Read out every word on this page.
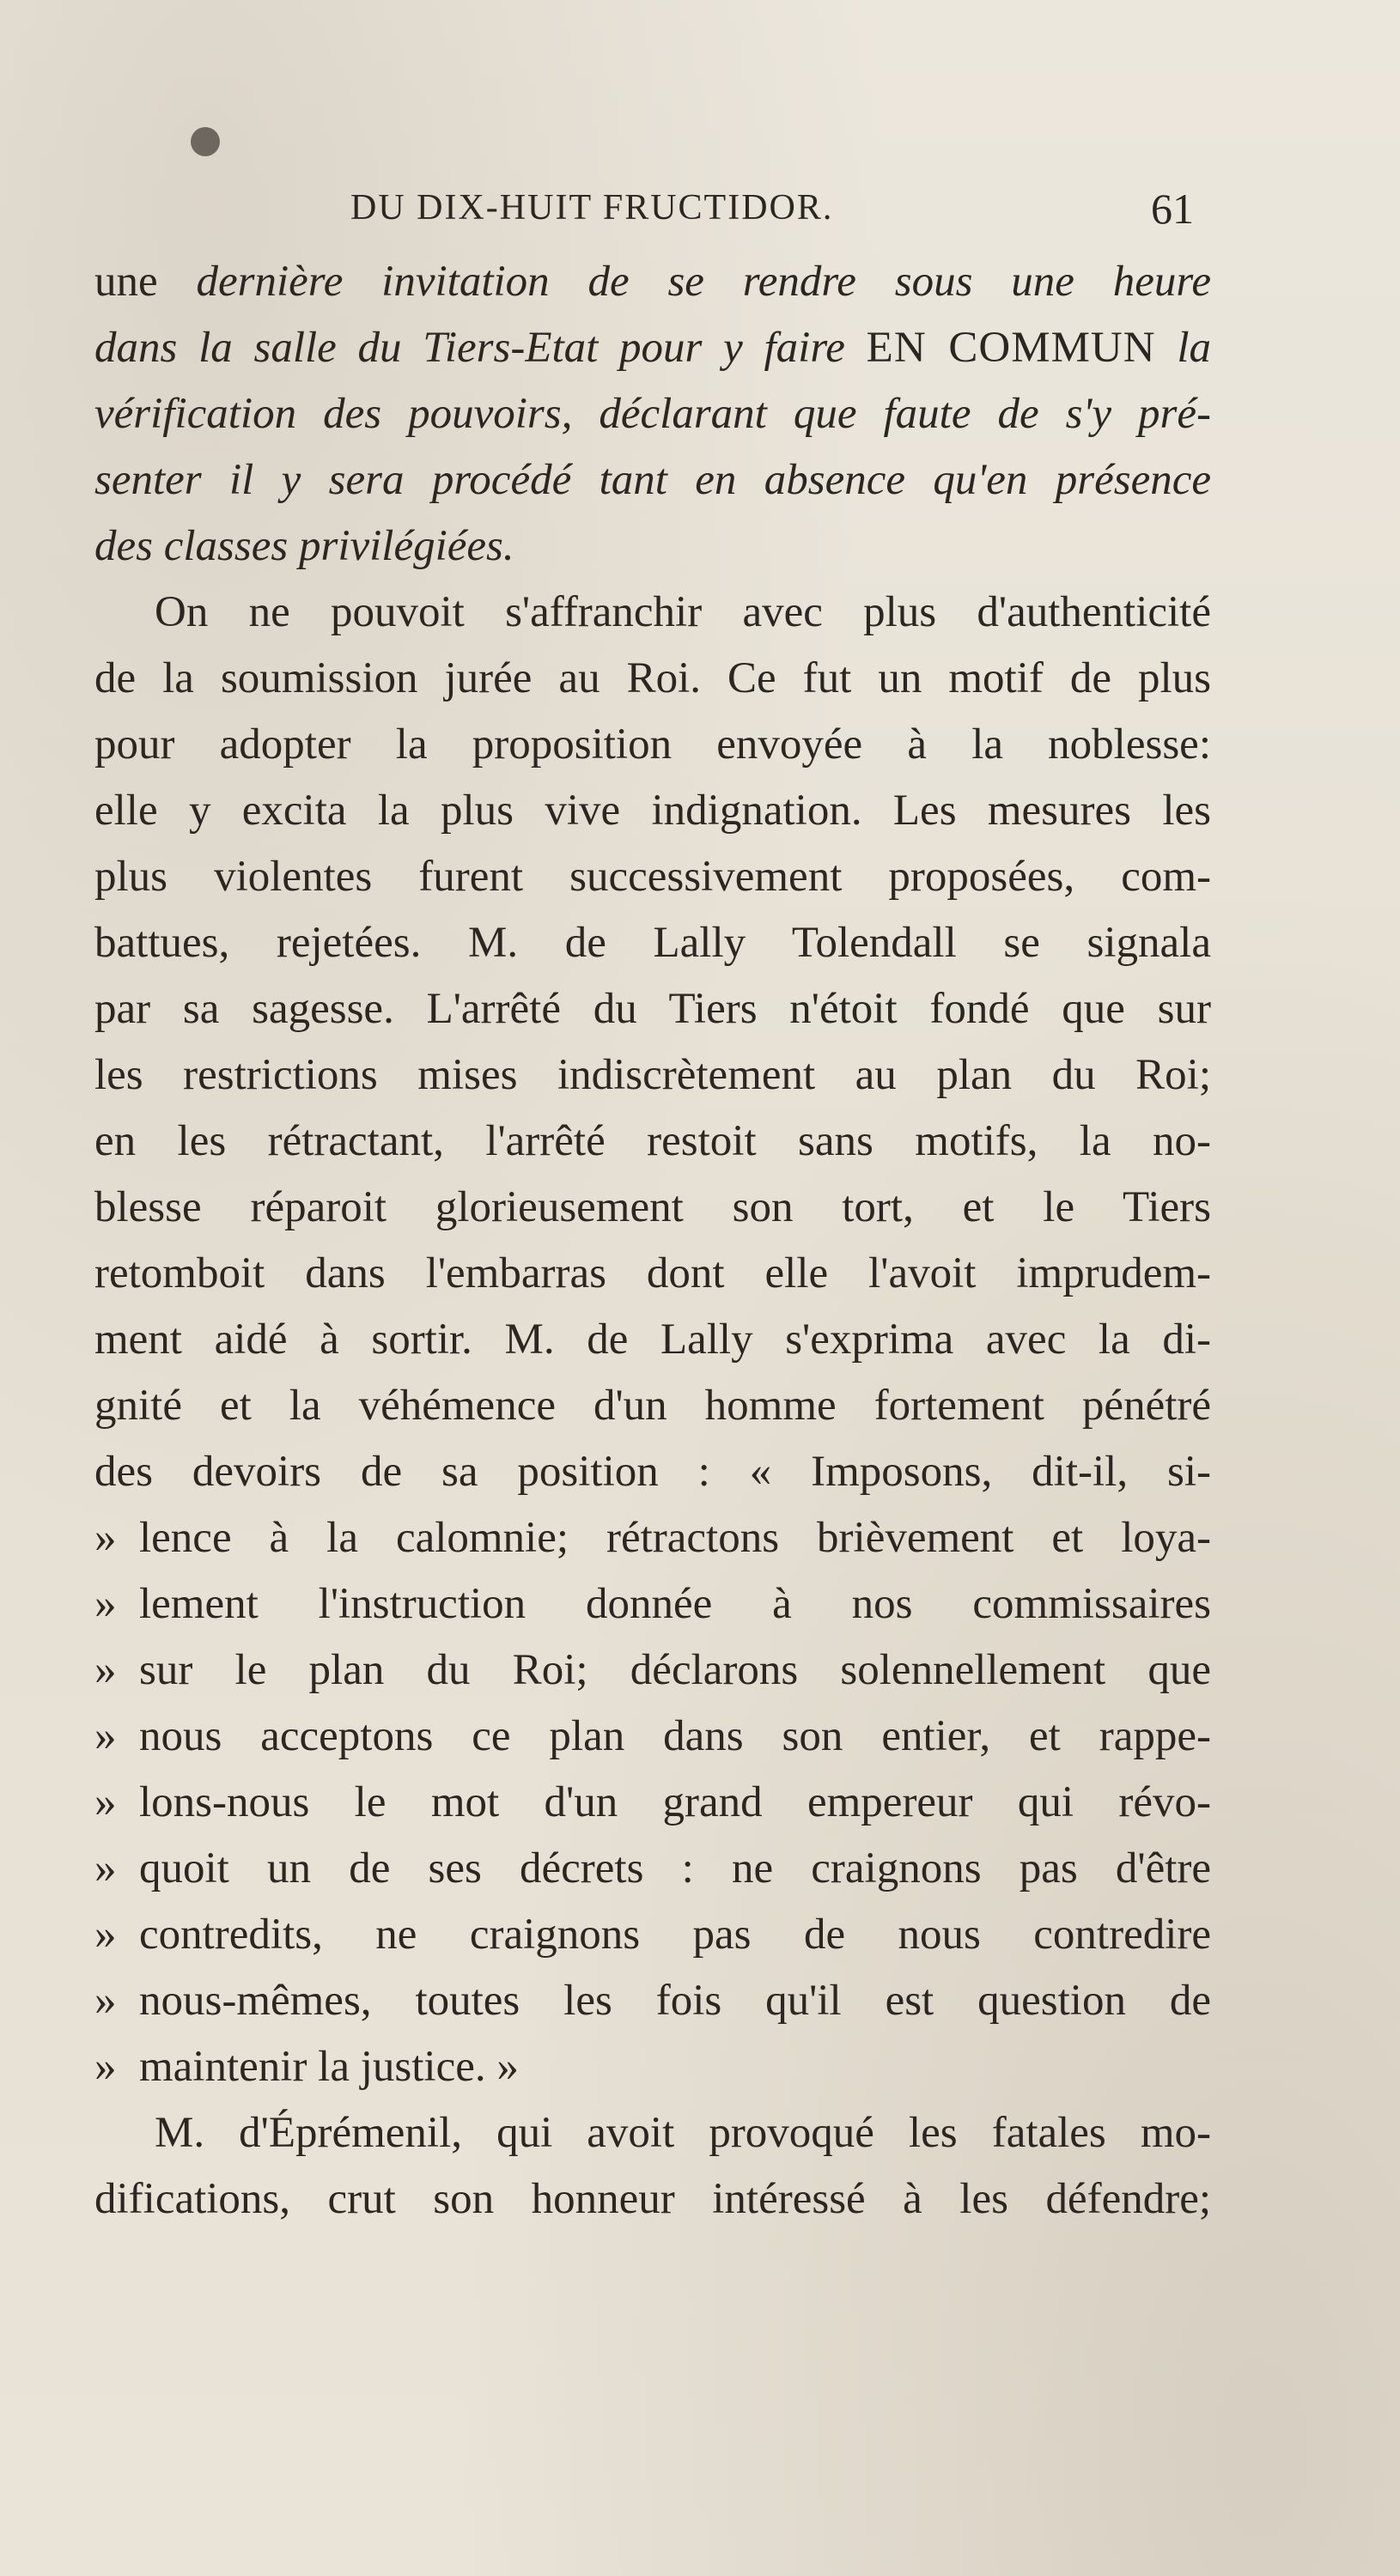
DU DIX-HUIT FRUCTIDOR.	61
une dernière invitation de se rendre sous une heure
dans la salle du Tiers-Etat pour y faire EN COMMUN la
vérification des pouvoirs, déclarant que faute de s'y pré-
senter il y sera procédé tant en absence qu'en présence
des classes privilégiées.
On ne pouvoit s'affranchir avec plus d'authenticité
de la soumission jurée au Roi. Ce fut un motif de plus
pour adopter la proposition envoyée à la noblesse:
elle y excita la plus vive indignation. Les mesures les
plus violentes furent successivement proposées, com-
battues, rejetées. M. de Lally Tolendall se signala
par sa sagesse. L'arrêté du Tiers n'étoit fondé que sur
les restrictions mises indiscrètement au plan du Roi;
en les rétractant, l'arrêté restoit sans motifs, la no-
blesse réparoit glorieusement son tort, et le Tiers
retomboit dans l'embarras dont elle l'avoit imprudem-
ment aidé à sortir. M. de Lally s'exprima avec la di-
gnité et la véhémence d'un homme fortement pénétré
des devoirs de sa position : « Imposons, dit-il, si-
» lence à la calomnie; rétractons brièvement et loya-
» lement l'instruction donnée à nos commissaires
» sur le plan du Roi; déclarons solennellement que
» nous acceptons ce plan dans son entier, et rappe-
» lons-nous le mot d'un grand empereur qui révo-
» quoit un de ses décrets : ne craignons pas d'être
» contredits, ne craignons pas de nous contredire
» nous-mêmes, toutes les fois qu'il est question de
» maintenir la justice. »
M. d'Éprémenil, qui avoit provoqué les fatales mo-
difications, crut son honneur intéressé à les défendre;
